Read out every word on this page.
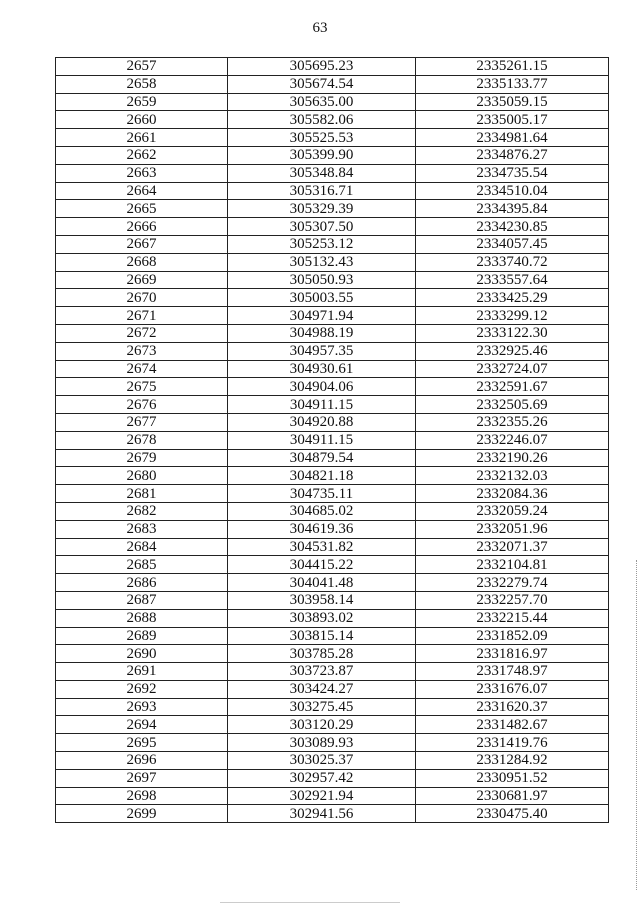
63
2657	305695.23	2335261.15
2658	305674.54	2335133.77
2659	305635.00	2335059.15
2660	305582.06	2335005.17
2661	305525.53	2334981.64
2662	305399.90	2334876.27
2663	305348.84	2334735.54
2664	305316.71	2334510.04
2665	305329.39	2334395.84
2666	305307.50	2334230.85
2667	305253.12	2334057.45
2668	305132.43	2333740.72
2669	305050.93	2333557.64
2670	305003.55	2333425.29
2671	304971.94	2333299.12
2672	304988.19	2333122.30
2673	304957.35	2332925.46
2674	304930.61	2332724.07
2675	304904.06	2332591.67
2676	304911.15	2332505.69
2677	304920.88	2332355.26
2678	304911.15	2332246.07
2679	304879.54	2332190.26
2680	304821.18	2332132.03
2681	304735.11	2332084.36
2682	304685.02	2332059.24
2683	304619.36	2332051.96
2684	304531.82	2332071.37
2685	304415.22	2332104.81
2686	304041.48	2332279.74
2687	303958.14	2332257.70
2688	303893.02	2332215.44
2689	303815.14	2331852.09
2690	303785.28	2331816.97
2691	303723.87	2331748.97
2692	303424.27	2331676.07
2693	303275.45	2331620.37
2694	303120.29	2331482.67
2695	303089.93	2331419.76
2696	303025.37	2331284.92
2697	302957.42	2330951.52
2698	302921.94	2330681.97
2699	302941.56	2330475.40
